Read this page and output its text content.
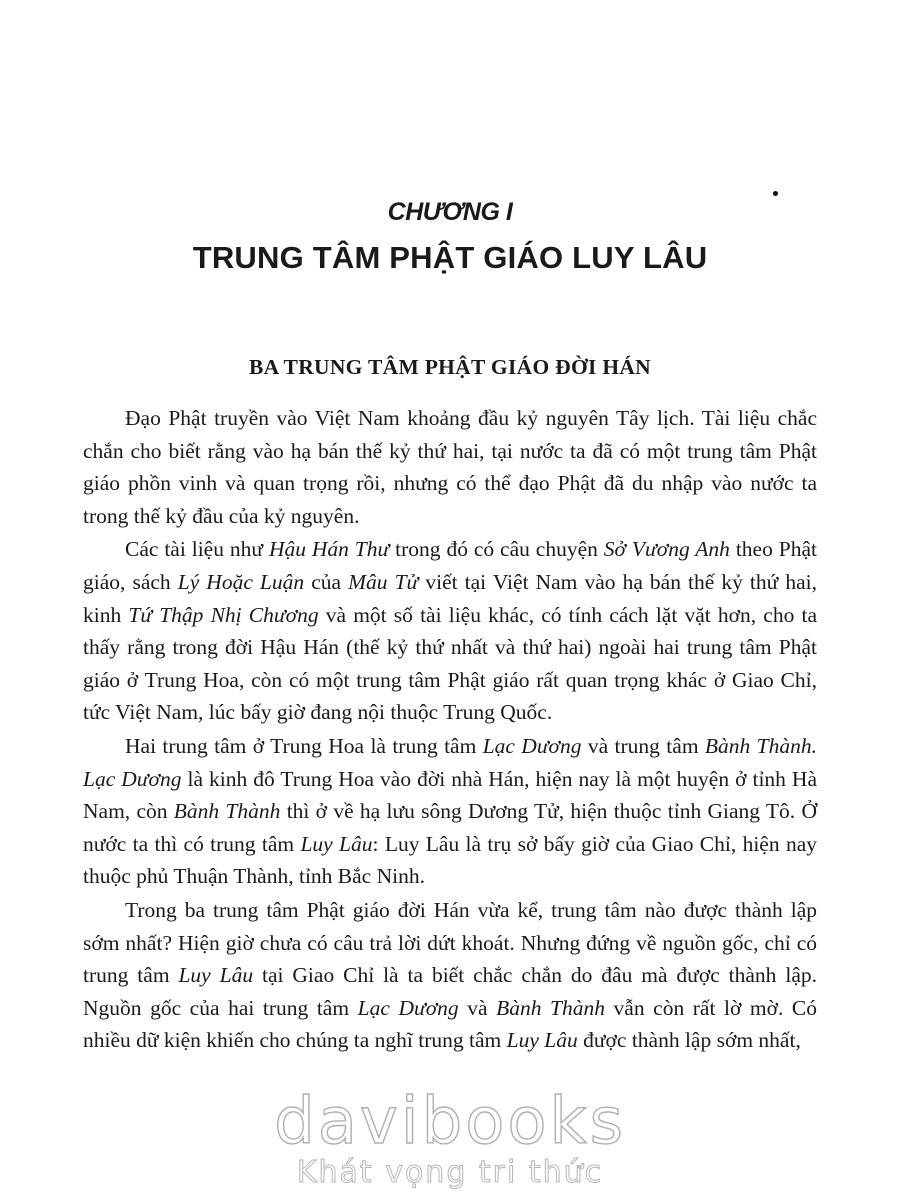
CHƯƠNG I
TRUNG TÂM PHẬT GIÁO LUY LÂU
BA TRUNG TÂM PHẬT GIÁO ĐỜI HÁN

Đạo Phật truyền vào Việt Nam khoảng đầu kỷ nguyên Tây lịch. Tài liệu chắc chắn cho biết rằng vào hạ bán thế kỷ thứ hai, tại nước ta đã có một trung tâm Phật giáo phồn vinh và quan trọng rồi, nhưng có thể đạo Phật đã du nhập vào nước ta trong thế kỷ đầu của kỷ nguyên.

Các tài liệu như Hậu Hán Thư trong đó có câu chuyện Sở Vương Anh theo Phật giáo, sách Lý Hoặc Luận của Mâu Tử viết tại Việt Nam vào hạ bán thế kỷ thứ hai, kinh Tứ Thập Nhị Chương và một số tài liệu khác, có tính cách lặt vặt hơn, cho ta thấy rằng trong đời Hậu Hán (thế kỷ thứ nhất và thứ hai) ngoài hai trung tâm Phật giáo ở Trung Hoa, còn có một trung tâm Phật giáo rất quan trọng khác ở Giao Chỉ, tức Việt Nam, lúc bấy giờ đang nội thuộc Trung Quốc.

Hai trung tâm ở Trung Hoa là trung tâm Lạc Dương và trung tâm Bành Thành. Lạc Dương là kinh đô Trung Hoa vào đời nhà Hán, hiện nay là một huyện ở tỉnh Hà Nam, còn Bành Thành thì ở về hạ lưu sông Dương Tử, hiện thuộc tỉnh Giang Tô. Ở nước ta thì có trung tâm Luy Lâu: Luy Lâu là trụ sở bấy giờ của Giao Chỉ, hiện nay thuộc phủ Thuận Thành, tỉnh Bắc Ninh.

Trong ba trung tâm Phật giáo đời Hán vừa kể, trung tâm nào được thành lập sớm nhất? Hiện giờ chưa có câu trả lời dứt khoát. Nhưng đứng về nguồn gốc, chỉ có trung tâm Luy Lâu tại Giao Chỉ là ta biết chắc chắn do đâu mà được thành lập. Nguồn gốc của hai trung tâm Lạc Dương và Bành Thành vẫn còn rất lờ mờ. Có nhiều dữ kiện khiến cho chúng ta nghĩ trung tâm Luy Lâu được thành lập sớm nhất,

davibooks
Khát vọng tri thức
